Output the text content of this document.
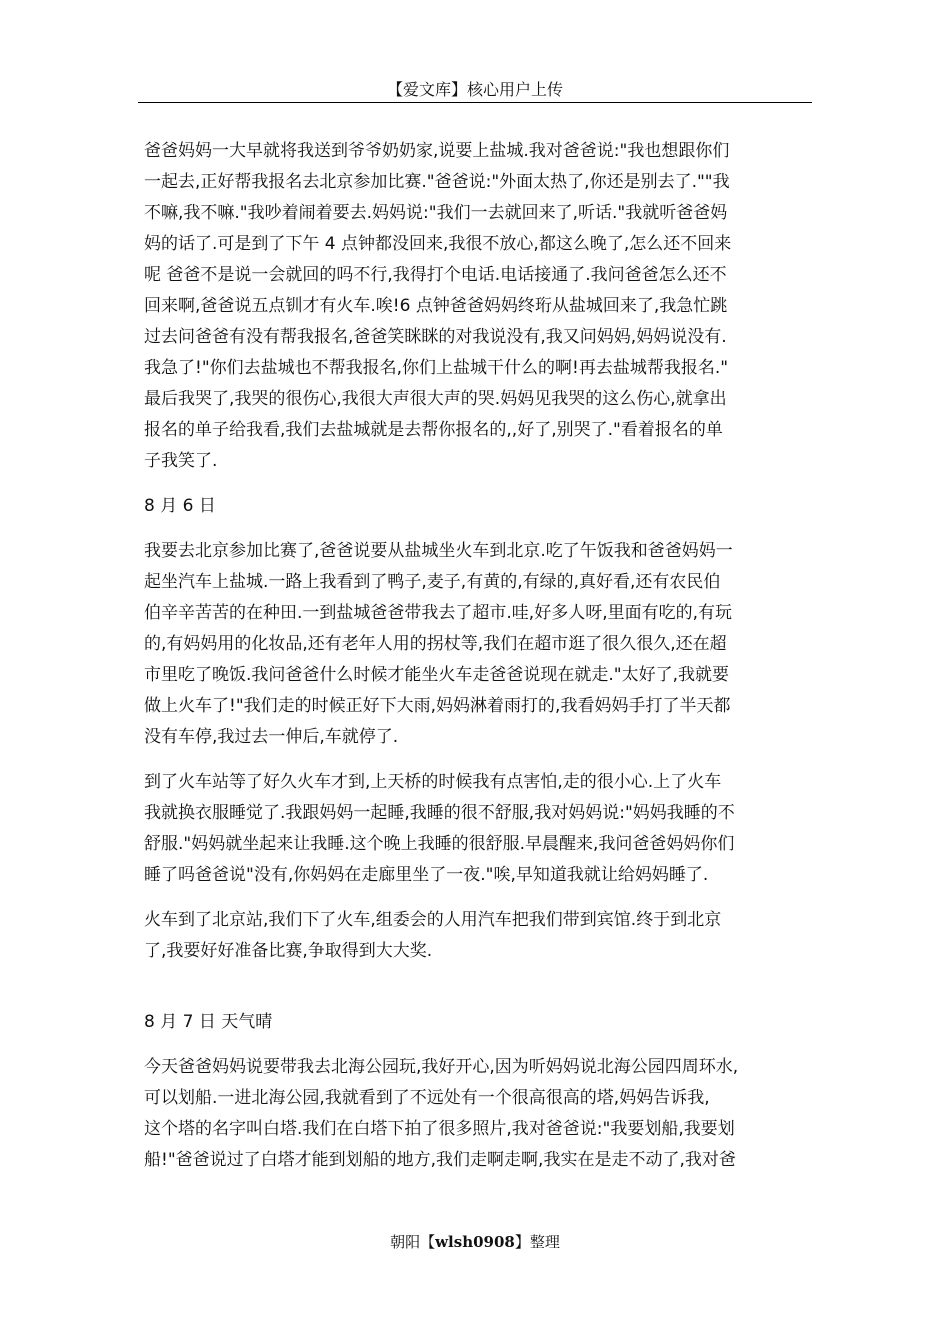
【爱文库】核心用户上传

爸爸妈妈一大早就将我送到爷爷奶奶家,说要上盐城.我对爸爸说:"我也想跟你们
一起去,正好帮我报名去北京参加比赛."爸爸说:"外面太热了,你还是别去了.""我
不嘛,我不嘛."我吵着闹着要去.妈妈说:"我们一去就回来了,听话."我就听爸爸妈
妈的话了.可是到了下午 4 点钟都没回来,我很不放心,都这么晚了,怎么还不回来
呢 爸爸不是说一会就回的吗不行,我得打个电话.电话接通了.我问爸爸怎么还不
回来啊,爸爸说五点钏才有火车.唉!6 点钟爸爸妈妈终珩从盐城回来了,我急忙跳
过去问爸爸有没有帮我报名,爸爸笑眯眯的对我说没有,我又问妈妈,妈妈说没有.
我急了!"你们去盐城也不帮我报名,你们上盐城干什么的啊!再去盐城帮我报名."
最后我哭了,我哭的很伤心,我很大声很大声的哭.妈妈见我哭的这么伤心,就拿出
报名的单子给我看,我们去盐城就是去帮你报名的,,好了,别哭了."看着报名的单
子我笑了.

8 月 6 日

我要去北京参加比赛了,爸爸说要从盐城坐火车到北京.吃了午饭我和爸爸妈妈一
起坐汽车上盐城.一路上我看到了鸭子,麦子,有黄的,有绿的,真好看,还有农民伯
伯辛辛苦苦的在种田.一到盐城爸爸带我去了超市.哇,好多人呀,里面有吃的,有玩
的,有妈妈用的化妆品,还有老年人用的拐杖等,我们在超市逛了很久很久,还在超
市里吃了晚饭.我问爸爸什么时候才能坐火车走爸爸说现在就走."太好了,我就要
做上火车了!"我们走的时候正好下大雨,妈妈淋着雨打的,我看妈妈手打了半天都
没有车停,我过去一伸后,车就停了.

到了火车站等了好久火车才到,上天桥的时候我有点害怕,走的很小心.上了火车
我就换衣服睡觉了.我跟妈妈一起睡,我睡的很不舒服,我对妈妈说:"妈妈我睡的不
舒服."妈妈就坐起来让我睡.这个晚上我睡的很舒服.早晨醒来,我问爸爸妈妈你们
睡了吗爸爸说"没有,你妈妈在走廊里坐了一夜."唉,早知道我就让给妈妈睡了.

火车到了北京站,我们下了火车,组委会的人用汽车把我们带到宾馆.终于到北京
了,我要好好准备比赛,争取得到大大奖.

8 月 7 日 天气晴

今天爸爸妈妈说要带我去北海公园玩,我好开心,因为听妈妈说北海公园四周环水,
可以划船.一进北海公园,我就看到了不远处有一个很高很高的塔,妈妈告诉我,
这个塔的名字叫白塔.我们在白塔下拍了很多照片,我对爸爸说:"我要划船,我要划
船!"爸爸说过了白塔才能到划船的地方,我们走啊走啊,我实在是走不动了,我对爸

朝阳【wlsh0908】整理
